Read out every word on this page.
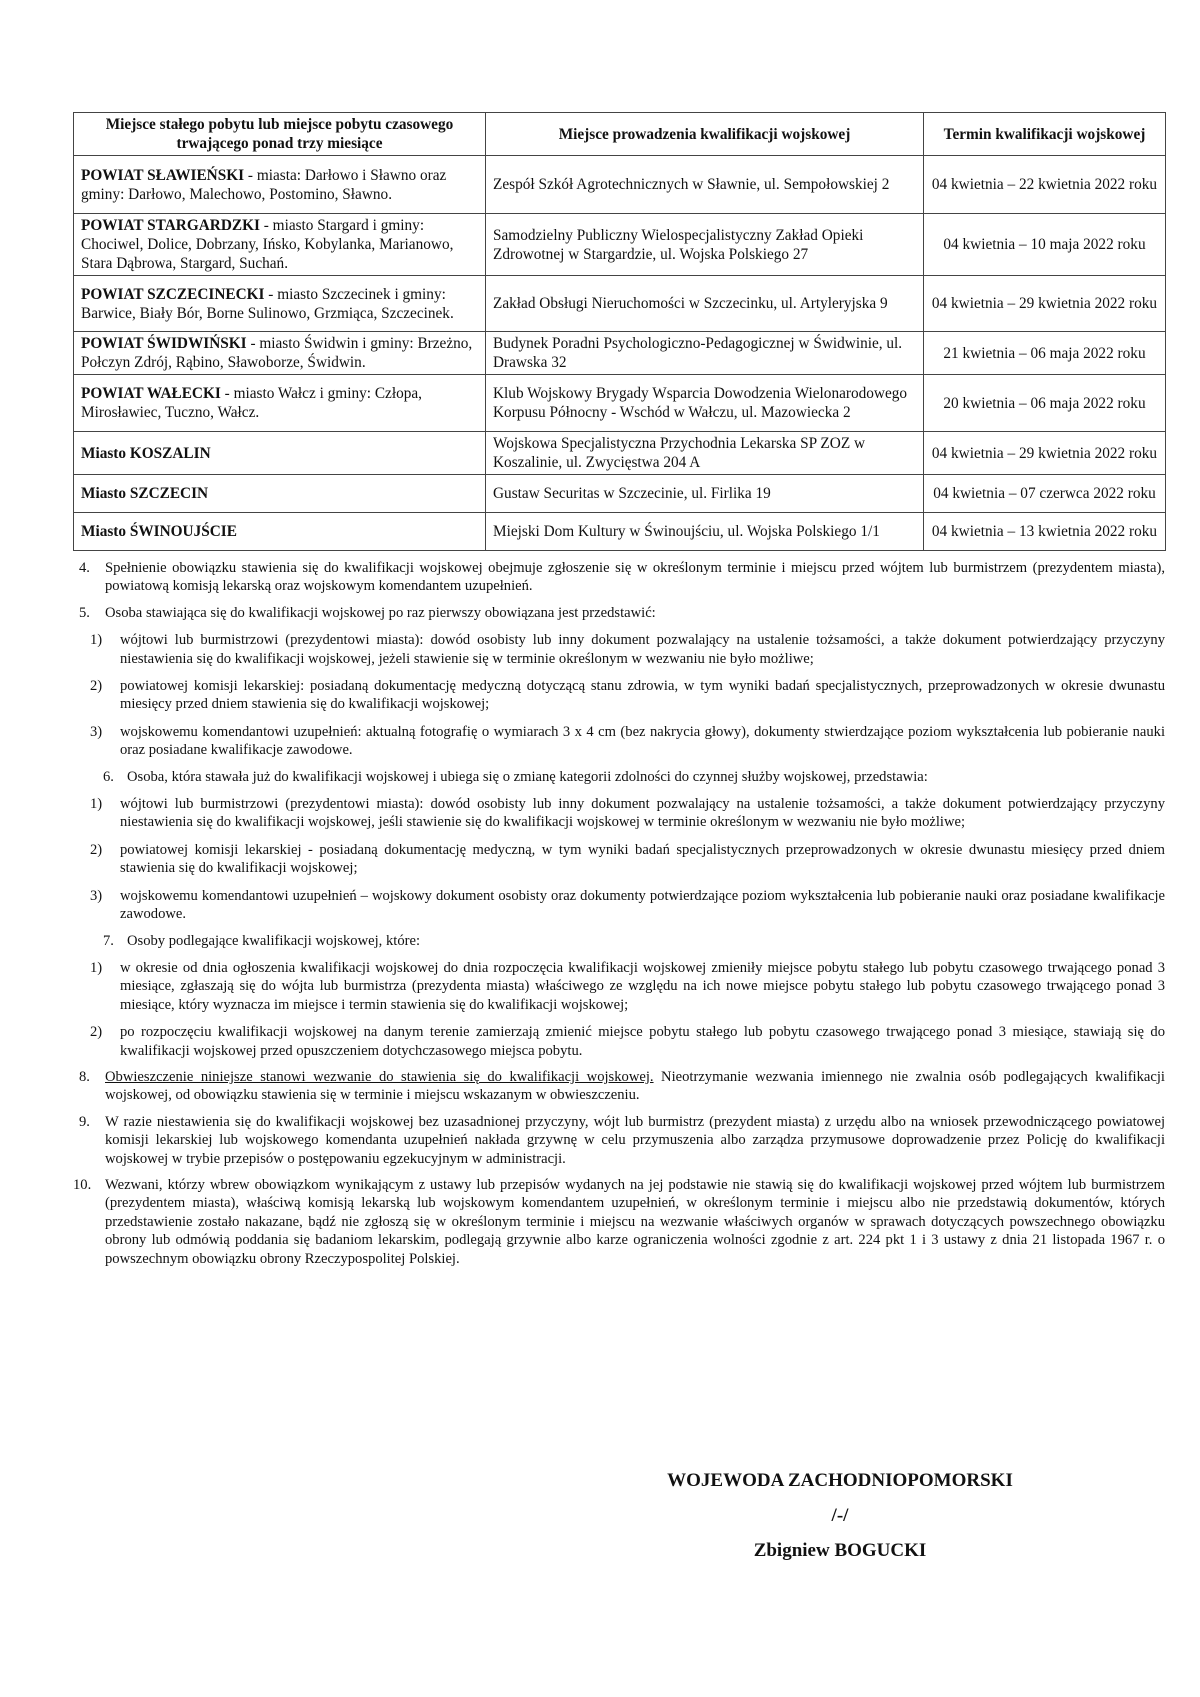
Miejsce stałego pobytu lub miejsce pobytu czasowego trwającego ponad trzy miesiące	Miejsce prowadzenia kwalifikacji wojskowej	Termin kwalifikacji wojskowej
POWIAT SŁAWIEŃSKI - miasta: Darłowo i Sławno oraz gminy: Darłowo, Malechowo, Postomino, Sławno.	Zespół Szkół Agrotechnicznych w Sławnie, ul. Sempołowskiej 2	04 kwietnia – 22 kwietnia 2022 roku
POWIAT STARGARDZKI - miasto Stargard i gminy: Chociwel, Dolice, Dobrzany, Ińsko, Kobylanka, Marianowo, Stara Dąbrowa, Stargard, Suchań.	Samodzielny Publiczny Wielospecjalistyczny Zakład Opieki Zdrowotnej w Stargardzie, ul. Wojska Polskiego 27	04 kwietnia – 10 maja 2022 roku
POWIAT SZCZECINECKI - miasto Szczecinek i gminy: Barwice, Biały Bór, Borne Sulinowo, Grzmiąca, Szczecinek.	Zakład Obsługi Nieruchomości w Szczecinku, ul. Artyleryjska 9	04 kwietnia – 29 kwietnia 2022 roku
POWIAT ŚWIDWIŃSKI - miasto Świdwin i gminy: Brzeżno, Połczyn Zdrój, Rąbino, Sławoborze, Świdwin.	Budynek Poradni Psychologiczno-Pedagogicznej w Świdwinie, ul. Drawska 32	21 kwietnia – 06 maja 2022 roku
POWIAT WAŁECKI - miasto Wałcz i gminy: Człopa, Mirosławiec, Tuczno, Wałcz.	Klub Wojskowy Brygady Wsparcia Dowodzenia Wielonarodowego Korpusu Północny - Wschód w Wałczu, ul. Mazowiecka 2	20 kwietnia – 06 maja 2022 roku
Miasto KOSZALIN	Wojskowa Specjalistyczna Przychodnia Lekarska SP ZOZ w Koszalinie, ul. Zwycięstwa 204 A	04 kwietnia – 29 kwietnia 2022 roku
Miasto SZCZECIN	Gustaw Securitas w Szczecinie, ul. Firlika 19	04 kwietnia – 07 czerwca 2022 roku
Miasto ŚWINOUJŚCIE	Miejski Dom Kultury w Świnoujściu, ul. Wojska Polskiego 1/1	04 kwietnia – 13 kwietnia 2022 roku
4.	Spełnienie obowiązku stawienia się do kwalifikacji wojskowej obejmuje zgłoszenie się w określonym terminie i miejscu przed wójtem lub burmistrzem (prezydentem miasta), powiatową komisją lekarską oraz wojskowym komendantem uzupełnień.
5.	Osoba stawiająca się do kwalifikacji wojskowej po raz pierwszy obowiązana jest przedstawić:
1)	wójtowi lub burmistrzowi (prezydentowi miasta): dowód osobisty lub inny dokument pozwalający na ustalenie tożsamości, a także dokument potwierdzający przyczyny niestawienia się do kwalifikacji wojskowej, jeżeli stawienie się w terminie określonym w wezwaniu nie było możliwe;
2)	powiatowej komisji lekarskiej: posiadaną dokumentację medyczną dotyczącą stanu zdrowia, w tym wyniki badań specjalistycznych, przeprowadzonych w okresie dwunastu miesięcy przed dniem stawienia się do kwalifikacji wojskowej;
3)	wojskowemu komendantowi uzupełnień: aktualną fotografię o wymiarach 3 x 4 cm (bez nakrycia głowy), dokumenty stwierdzające poziom wykształcenia lub pobieranie nauki oraz posiadane kwalifikacje zawodowe.
6. Osoba, która stawała już do kwalifikacji wojskowej i ubiega się o zmianę kategorii zdolności do czynnej służby wojskowej, przedstawia:
1)	wójtowi lub burmistrzowi (prezydentowi miasta): dowód osobisty lub inny dokument pozwalający na ustalenie tożsamości, a także dokument potwierdzający przyczyny niestawienia się do kwalifikacji wojskowej, jeśli stawienie się do kwalifikacji wojskowej w terminie określonym w wezwaniu nie było możliwe;
2)	powiatowej komisji lekarskiej - posiadaną dokumentację medyczną, w tym wyniki badań specjalistycznych przeprowadzonych w okresie dwunastu miesięcy przed dniem stawienia się do kwalifikacji wojskowej;
3)	wojskowemu komendantowi uzupełnień – wojskowy dokument osobisty oraz dokumenty potwierdzające poziom wykształcenia lub pobieranie nauki oraz posiadane kwalifikacje zawodowe.
7. Osoby podlegające kwalifikacji wojskowej, które:
1)	w okresie od dnia ogłoszenia kwalifikacji wojskowej do dnia rozpoczęcia kwalifikacji wojskowej zmieniły miejsce pobytu stałego lub pobytu czasowego trwającego ponad 3 miesiące, zgłaszają się do wójta lub burmistrza (prezydenta miasta) właściwego ze względu na ich nowe miejsce pobytu stałego lub pobytu czasowego trwającego ponad 3 miesiące, który wyznacza im miejsce i termin stawienia się do kwalifikacji wojskowej;
2)	po rozpoczęciu kwalifikacji wojskowej na danym terenie zamierzają zmienić miejsce pobytu stałego lub pobytu czasowego trwającego ponad 3 miesiące, stawiają się do kwalifikacji wojskowej przed opuszczeniem dotychczasowego miejsca pobytu.
8.	Obwieszczenie niniejsze stanowi wezwanie do stawienia się do kwalifikacji wojskowej. Nieotrzymanie wezwania imiennego nie zwalnia osób podlegających kwalifikacji wojskowej, od obowiązku stawienia się w terminie i miejscu wskazanym w obwieszczeniu.
9.	W razie niestawienia się do kwalifikacji wojskowej bez uzasadnionej przyczyny, wójt lub burmistrz (prezydent miasta) z urzędu albo na wniosek przewodniczącego powiatowej komisji lekarskiej lub wojskowego komendanta uzupełnień nakłada grzywnę w celu przymuszenia albo zarządza przymusowe doprowadzenie przez Policję do kwalifikacji wojskowej w trybie przepisów o postępowaniu egzekucyjnym w administracji.
10. Wezwani, którzy wbrew obowiązkom wynikającym z ustawy lub przepisów wydanych na jej podstawie nie stawią się do kwalifikacji wojskowej przed wójtem lub burmistrzem (prezydentem miasta), właściwą komisją lekarską lub wojskowym komendantem uzupełnień, w określonym terminie i miejscu albo nie przedstawią dokumentów, których przedstawienie zostało nakazane, bądź nie zgłoszą się w określonym terminie i miejscu na wezwanie właściwych organów w sprawach dotyczących powszechnego obowiązku obrony lub odmówią poddania się badaniom lekarskim, podlegają grzywnie albo karze ograniczenia wolności zgodnie z art. 224 pkt 1 i 3 ustawy z dnia 21 listopada 1967 r. o powszechnym obowiązku obrony Rzeczypospolitej Polskiej.
WOJEWODA ZACHODNIOPOMORSKI
/-/
Zbigniew BOGUCKI
